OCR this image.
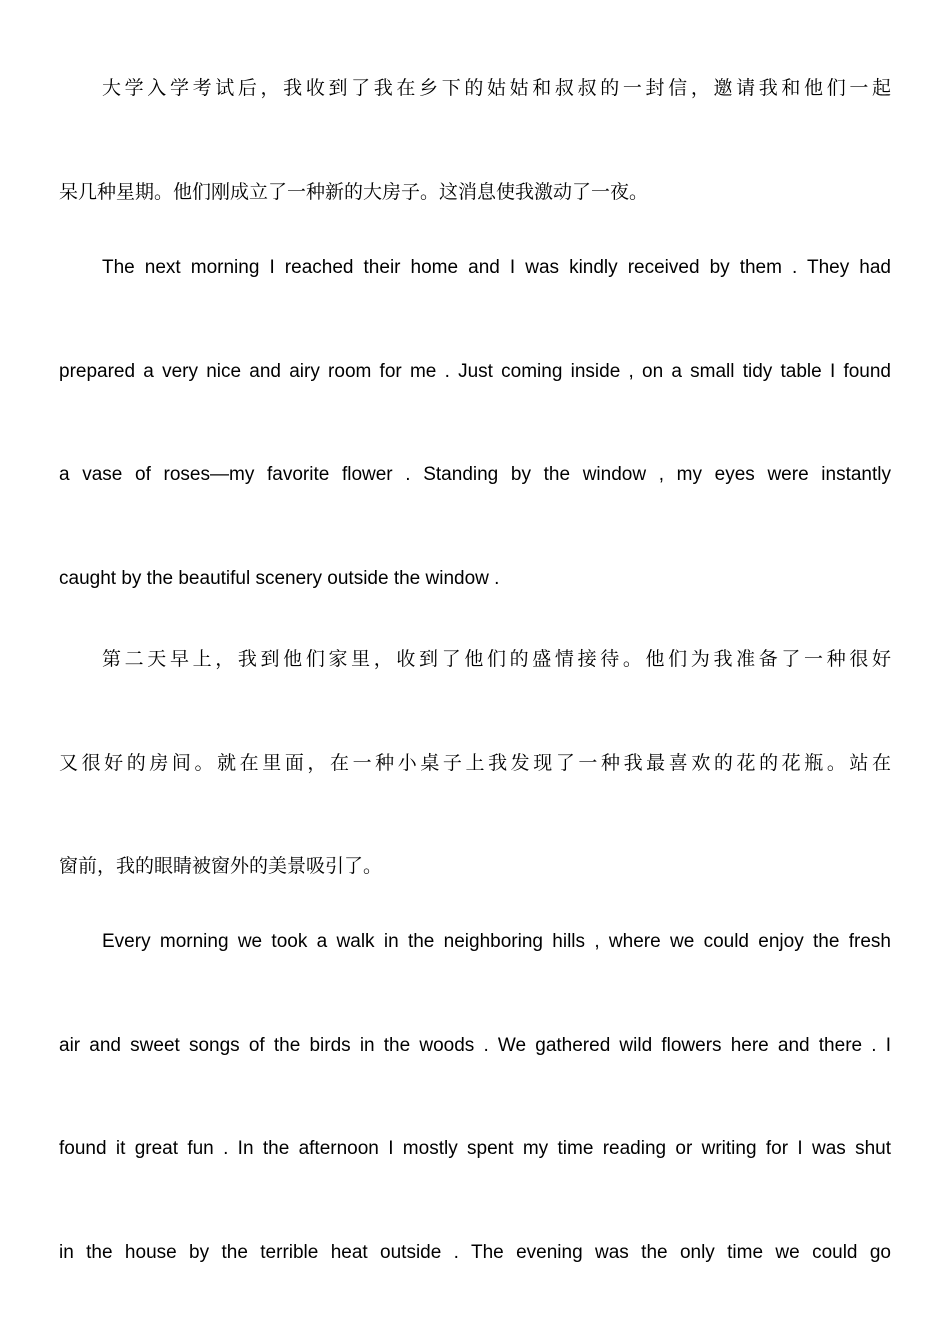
大学入学考试后，我收到了我在乡下的姑姑和叔叔的一封信，邀请我和他们一起
呆几种星期。他们刚成立了一种新的大房子。这消息使我激动了一夜。
The next morning I reached their home and I was kindly received by them . They had
prepared a very nice and airy room for me . Just coming inside , on a small tidy table I found
a vase of roses—my favorite flower . Standing by the window , my eyes were instantly
caught by the beautiful scenery outside the window .
第二天早上，我到他们家里，收到了他们的盛情接待。他们为我准备了一种很好
又很好的房间。就在里面，在一种小桌子上我发现了一种我最喜欢的花的花瓶。站在
窗前，我的眼睛被窗外的美景吸引了。
Every morning we took a walk in the neighboring hills , where we could enjoy the fresh
air and sweet songs of the birds in the woods . We gathered wild flowers here and there . I
found it great fun . In the afternoon I mostly spent my time reading or writing for I was shut
in the house by the terrible heat outside . The evening was the only time we could go
